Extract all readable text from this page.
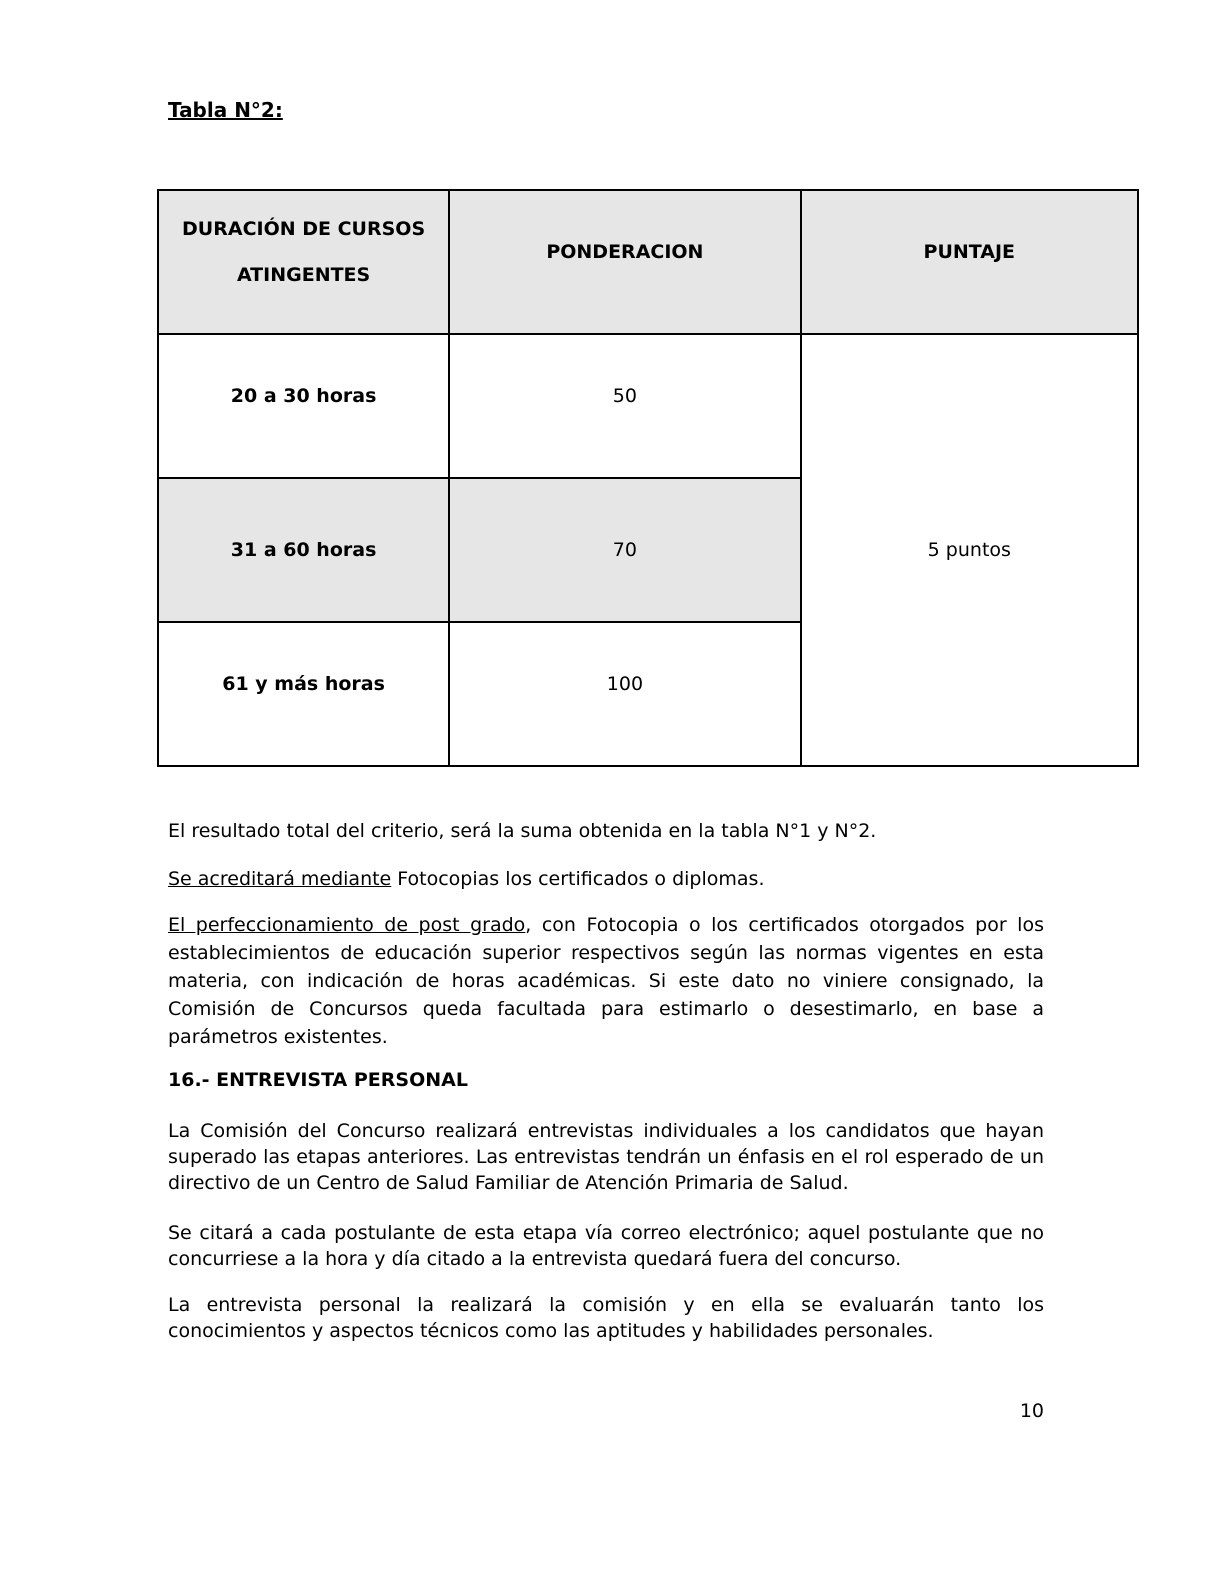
Tabla N°2:
DURACIÓN DE CURSOS ATINGENTES	PONDERACION	PUNTAJE

20 a 30 horas	50	5 puntos
31 a 60 horas	70	

61 y más horas	100	

El resultado total del criterio, será la suma obtenida en la tabla N°1 y N°2.

Se acreditará mediante Fotocopias los certificados o diplomas.

El perfeccionamiento de post grado, con Fotocopia o los certificados otorgados por los establecimientos de educación superior respectivos según las normas vigentes en esta materia, con indicación de horas académicas. Si este dato no viniere consignado, la Comisión de Concursos queda facultada para estimarlo o desestimarlo, en base a parámetros existentes.

16.- ENTREVISTA PERSONAL

La Comisión del Concurso realizará entrevistas individuales a los candidatos que hayan superado las etapas anteriores. Las entrevistas tendrán un énfasis en el rol esperado de un directivo de un Centro de Salud Familiar de Atención Primaria de Salud.

Se citará a cada postulante de esta etapa vía correo electrónico; aquel postulante que no concurriese a la hora y día citado a la entrevista quedará fuera del concurso.

La entrevista personal la realizará la comisión y en ella se evaluarán tanto los conocimientos y aspectos técnicos como las aptitudes y habilidades personales.

10
